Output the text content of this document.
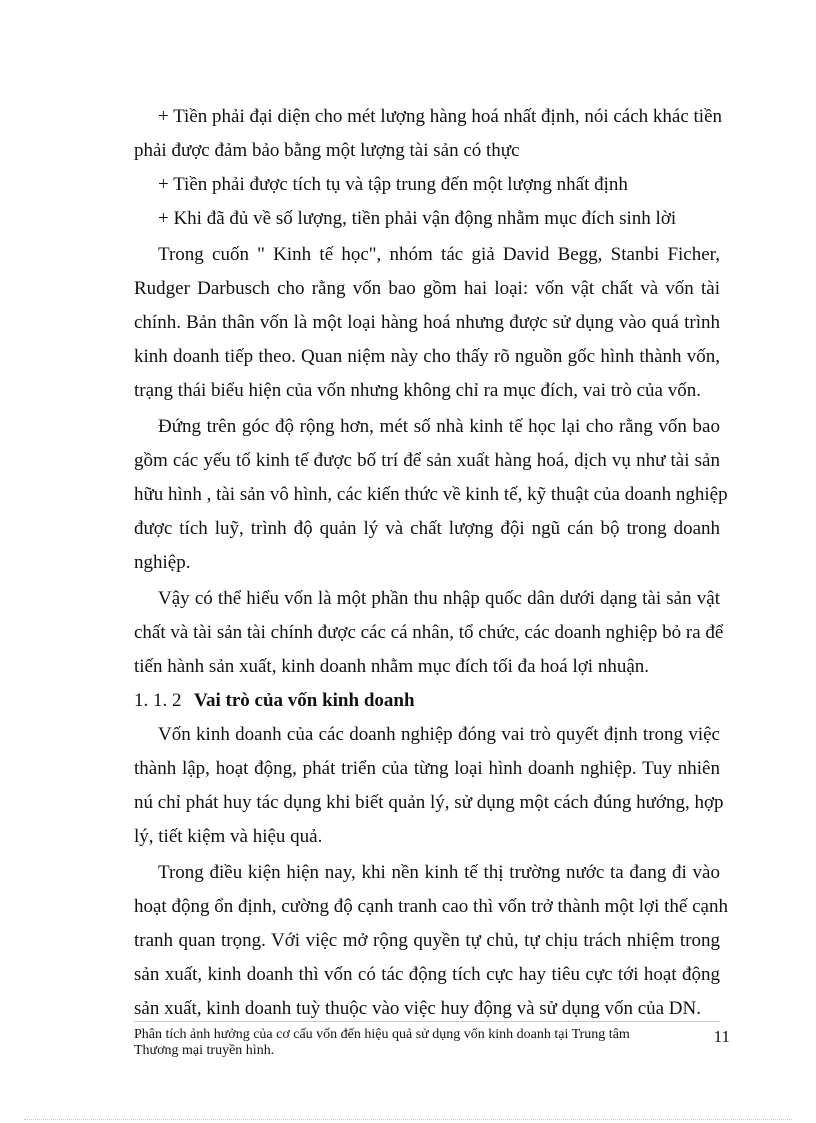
+ Tiền phải đại diện cho mét lượng hàng hoá nhất định, nói cách khác tiền
phải được đảm bảo bằng một lượng tài sản có thực
+ Tiền phải được tích tụ và tập trung đến một lượng nhất định
+ Khi đã đủ về số lượng, tiền phải vận động nhằm mục đích sinh lời
Trong cuốn " Kinh tế học", nhóm tác giả David Begg, Stanbi Ficher,
Rudger Darbusch cho rằng vốn bao gồm hai loại: vốn vật chất và vốn tài
chính. Bản thân vốn là một loại hàng hoá nhưng được sử dụng vào quá trình
kinh doanh tiếp theo. Quan niệm này cho thấy rõ nguồn gốc hình thành vốn,
trạng thái biểu hiện của vốn nhưng không chỉ ra mục đích, vai trò của vốn.
Đứng trên góc độ rộng hơn, mét số nhà kinh tế học lại cho rằng vốn bao
gồm các yếu tố kinh tế được bố trí để sản xuất hàng hoá, dịch vụ như tài sản
hữu hình , tài sản vô hình, các kiến thức về kinh tế, kỹ thuật của doanh nghiệp
được tích luỹ, trình độ quản lý và chất lượng đội ngũ cán bộ trong doanh
nghiệp.
Vậy có thể hiểu vốn là một phần thu nhập quốc dân dưới dạng tài sản vật
chất và tài sản tài chính được các cá nhân, tổ chức, các doanh nghiệp bỏ ra để
tiến hành sản xuất, kinh doanh nhằm mục đích tối đa hoá lợi nhuận.
1. 1. 2 Vai trò của vốn kinh doanh
Vốn kinh doanh của các doanh nghiệp đóng vai trò quyết định trong việc
thành lập, hoạt động, phát triển của từng loại hình doanh nghiệp. Tuy nhiên
nú chỉ phát huy tác dụng khi biết quản lý, sử dụng một cách đúng hướng, hợp
lý, tiết kiệm và hiệu quả.
Trong điều kiện hiện nay, khi nền kinh tế thị trường nước ta đang đi vào
hoạt động ổn định, cường độ cạnh tranh cao thì vốn trở thành một lợi thế cạnh
tranh quan trọng. Với việc mở rộng quyền tự chủ, tự chịu trách nhiệm trong
sản xuất, kinh doanh thì vốn có tác động tích cực hay tiêu cực tới hoạt động
sản xuất, kinh doanh tuỳ thuộc vào việc huy động và sử dụng vốn của DN.
Phân tích ảnh hưởng của cơ cấu vốn đến hiệu quả sử dụng vốn kinh doanh tại Trung tâm
Thương mại truyền hình.
11
